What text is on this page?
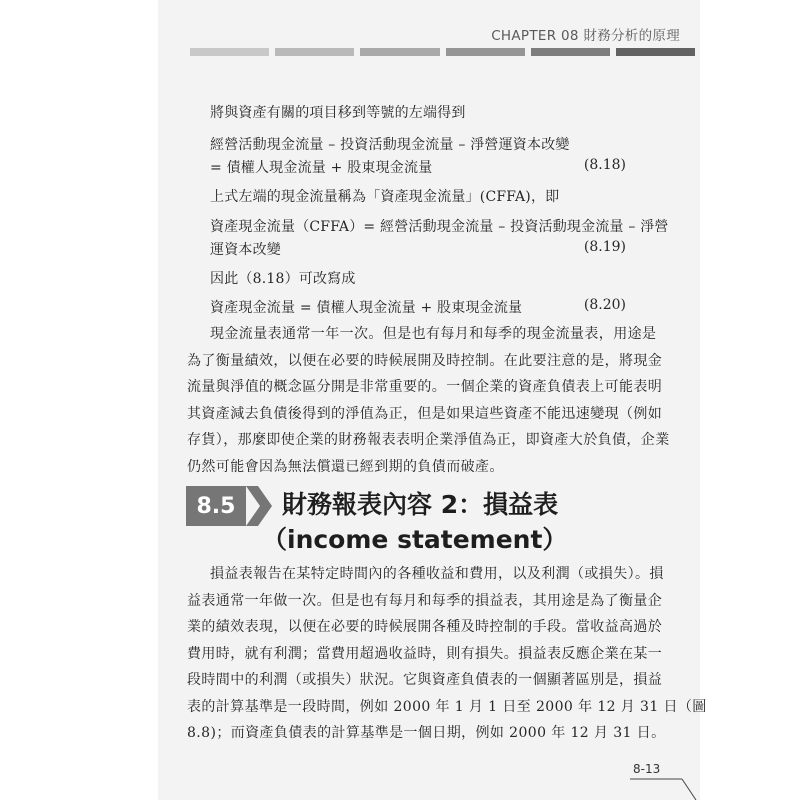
CHAPTER 08 財務分析的原理
將與資產有關的項目移到等號的左端得到
經營活動現金流量 – 投資活動現金流量 – 淨營運資本改變
= 債權人現金流量 + 股東現金流量	(8.18)
上式左端的現金流量稱為「資產現金流量」(CFFA)，即
資產現金流量（CFFA）= 經營活動現金流量 – 投資活動現金流量 – 淨營
運資本改變	(8.19)
因此（8.18）可改寫成
資產現金流量 = 債權人現金流量 + 股東現金流量	(8.20)
現金流量表通常一年一次。但是也有每月和每季的現金流量表，用途是
為了衡量績效，以便在必要的時候展開及時控制。在此要注意的是，將現金
流量與淨值的概念區分開是非常重要的。一個企業的資產負債表上可能表明
其資產減去負債後得到的淨值為正，但是如果這些資產不能迅速變現（例如
存貨），那麼即使企業的財務報表表明企業淨值為正，即資產大於負債，企業
仍然可能會因為無法償還已經到期的負債而破產。
8.5 財務報表內容 2：損益表
（income statement）
損益表報告在某特定時間內的各種收益和費用，以及利潤（或損失）。損
益表通常一年做一次。但是也有每月和每季的損益表，其用途是為了衡量企
業的績效表現，以便在必要的時候展開各種及時控制的手段。當收益高過於
費用時，就有利潤；當費用超過收益時，則有損失。損益表反應企業在某一
段時間中的利潤（或損失）狀況。它與資產負債表的一個顯著區別是，損益
表的計算基準是一段時間，例如 2000 年 1 月 1 日至 2000 年 12 月 31 日（圖
8.8)；而資產負債表的計算基準是一個日期，例如 2000 年 12 月 31 日。
8-13
